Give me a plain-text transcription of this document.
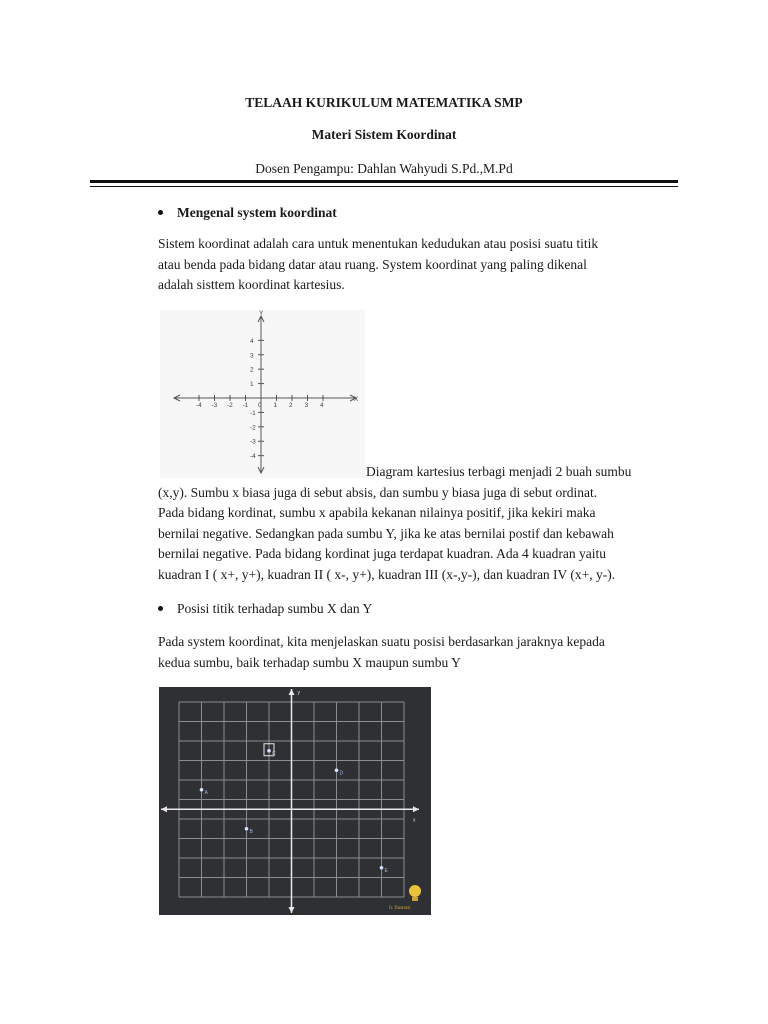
TELAAH KURIKULUM MATEMATIKA SMP
Materi Sistem Koordinat
Dosen Pengampu: Dahlan Wahyudi S.Pd.,M.Pd
Mengenal system koordinat
Sistem koordinat adalah cara untuk menentukan kedudukan atau posisi suatu titik
atau benda pada bidang datar atau ruang. System koordinat yang paling dikenal
adalah sisttem koordinat kartesius.
-4 -3 -2 -1 0 1 2 3 4
4
3
2
1
-1
-2
-3
-4
X
Y
Diagram kartesius terbagi menjadi 2 buah sumbu
(x,y). Sumbu x biasa juga di sebut absis, dan sumbu y biasa juga di sebut ordinat.
Pada bidang kordinat, sumbu x apabila kekanan nilainya positif, jika kekiri maka
bernilai negative. Sedangkan pada sumbu Y, jika ke atas bernilai postif dan kebawah
bernilai negative. Pada bidang kordinat juga terdapat kuadran. Ada 4 kuadran yaitu
kuadran I ( x+, y+), kuadran II ( x-, y+), kuadran III (x-,y-), dan kuadran IV (x+, y-).
Posisi titik terhadap sumbu X dan Y
Pada system koordinat, kita menjelaskan suatu posisi berdasarkan jaraknya kepada
kedua sumbu, baik terhadap sumbu X maupun sumbu Y
x
y
A
B
C
D
E
Ir. Ilustrasi
